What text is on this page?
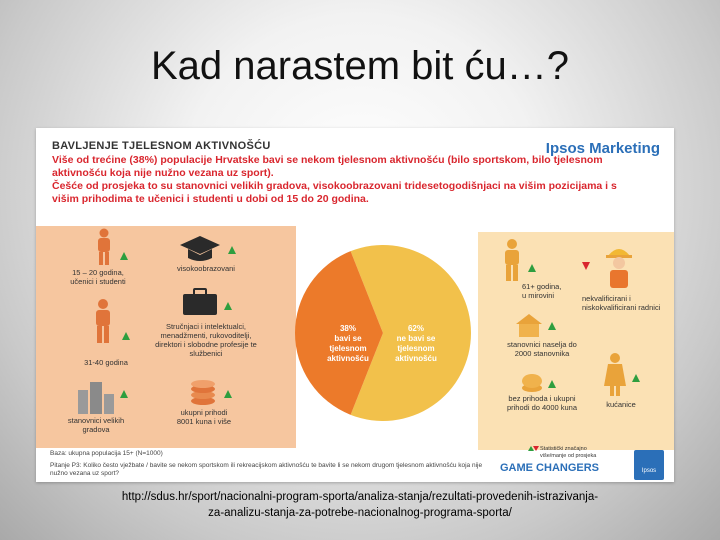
Kad narastem bit ću…?
BAVLJENJE TJELESNOM AKTIVNOŠĆU	Ipsos Marketing

Više od trećine (38%) populacije Hrvatske bavi se nekom tjelesnom aktivnošću (bilo sportskom, bilo tjelesnom aktivnošću koja nije nužno vezana uz sport).

Češće od prosjeka to su stanovnici velikih gradova, visokoobrazovani tridesetogodišnjaci na višim pozicijama i s višim prihodima te učenici i studenti u dobi od 15 do 20 godina.

15 – 20 godina,
učenici i studenti
visokoobrazovani
Stručnjaci i intelektualci,
menadžmenti, rukovoditelji,
direktori i slobodne profesije te
službenici
31-40 godina
ukupni prihodi
8001 kuna i više
stanovnici velikih
gradova
38%
bavi se
tjelesnom
aktivnošću
62%
ne bavi se
tjelesnom
aktivnošću
61+ godina,
u mirovini	nekvalificirani i
niskokvalificirani radnici
stanovnici naselja do
2000 stanovnika
bez prihoda i ukupni
prihodi do 4000 kuna	kućanice
Baza: ukupna populacija 15+ (N=1000)
Pitanje P3: Koliko često vježbate / bavite se nekom sportskom ili rekreacijskom aktivnošću te bavite li se nekom drugom tjelesnom aktivnošću koja nije nužno vezana uz sport?
Statistički značajno
više/manje od prosjeka
GAME CHANGERS	Ipsos
http://sdus.hr/sport/nacionalni-program-sporta/analiza-stanja/rezultati-provedenih-istrazivanja-
za-analizu-stanja-za-potrebe-nacionalnog-programa-sporta/
